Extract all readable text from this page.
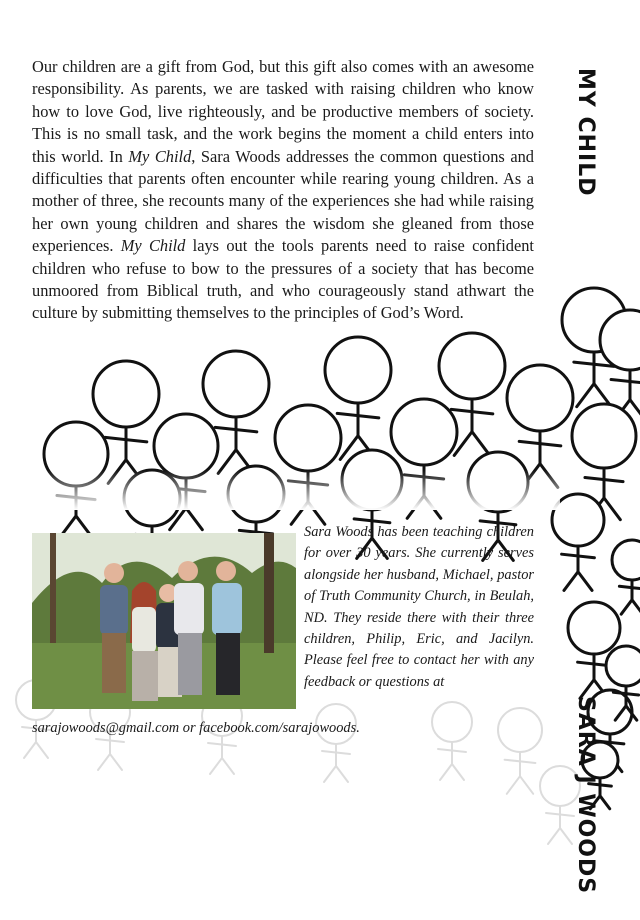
Our children are a gift from God, but this gift also comes with an awesome responsibility. As parents, we are tasked with raising children who know how to love God, live righteously, and be productive members of society. This is no small task, and the work begins the moment a child enters into this world. In My Child, Sara Woods addresses the common questions and difficulties that parents often encounter while rearing young children. As a mother of three, she recounts many of the experiences she had while raising her own young children and shares the wisdom she gleaned from those experiences. My Child lays out the tools parents need to raise confident children who refuse to bow to the pressures of a society that has become unmoored from Biblical truth, and who courageously stand athwart the culture by submitting themselves to the principles of God’s Word.

MY CHILD
SARA J WOODS

Sara Woods has been teaching children for over 30 years. She currently serves alongside her husband, Michael, pastor of Truth Community Church, in Beulah, ND. They reside there with their three children, Philip, Eric, and Jacilyn. Please feel free to contact her with any feedback or questions at

sarajowoods@gmail.com or facebook.com/sarajowoods.
